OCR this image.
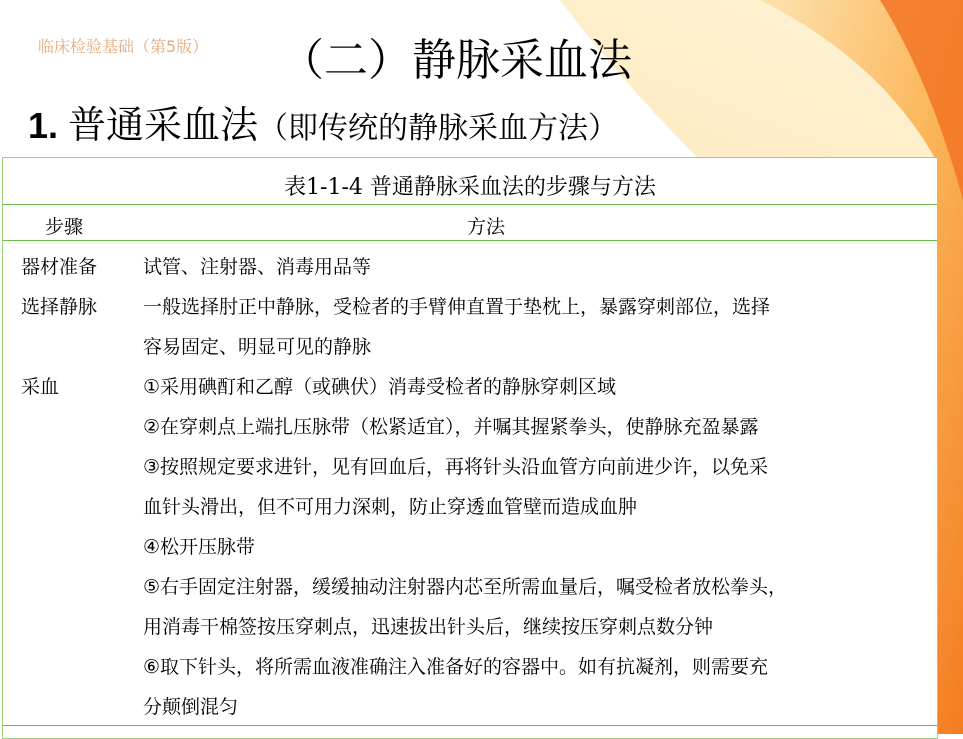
临床检验基础（第5版） （二）静脉采血法
1. 普通采血法（即传统的静脉采血方法）
表1-1-4 普通静脉采血法的步骤与方法
步骤	方法
器材准备 试管、注射器、消毒用品等
选择静脉 一般选择肘正中静脉，受检者的手臂伸直置于垫枕上，暴露穿刺部位，选择
容易固定、明显可见的静脉
采血	①采用碘酊和乙醇（或碘伏）消毒受检者的静脉穿刺区域
②在穿刺点上端扎压脉带（松紧适宜），并嘱其握紧拳头，使静脉充盈暴露
③按照规定要求进针，见有回血后，再将针头沿血管方向前进少许，以免采
血针头滑出，但不可用力深刺，防止穿透血管壁而造成血肿
④松开压脉带
⑤右手固定注射器，缓缓抽动注射器内芯至所需血量后，嘱受检者放松拳头，
用消毒干棉签按压穿刺点，迅速拔出针头后，继续按压穿刺点数分钟
⑥取下针头，将所需血液准确注入准备好的容器中。如有抗凝剂，则需要充
分颠倒混匀
